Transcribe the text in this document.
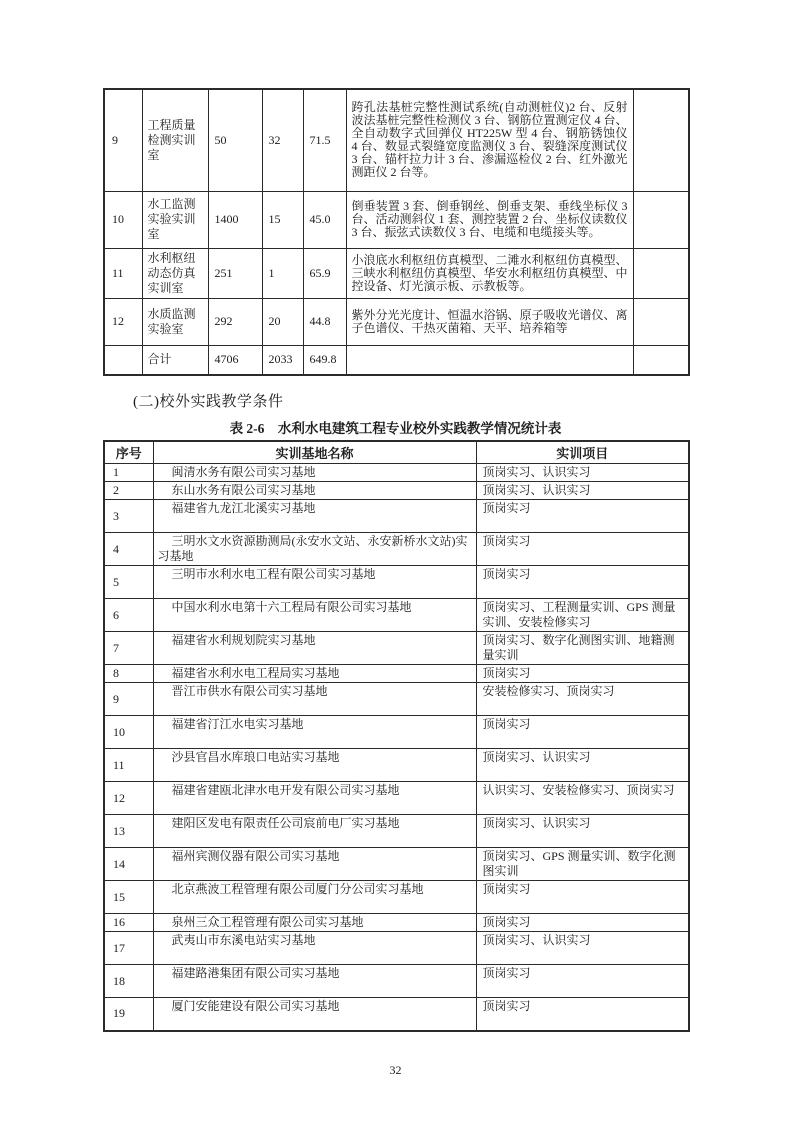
9	工程质量检测实训室	50	32	71.5	跨孔法基桩完整性测试系统(自动测桩仪)2 台、反射波法基桩完整性检测仪 3 台、钢筋位置测定仪 4 台、全自动数字式回弹仪 HT225W 型 4 台、钢筋锈蚀仪 4 台、数显式裂缝宽度监测仪 3 台、裂缝深度测试仪 3 台、锚杆拉力计 3 台、渗漏巡检仪 2 台、红外激光测距仪 2 台等。	
10	水工监测实验实训室	1400	15	45.0	倒垂装置 3 套、倒垂钢丝、倒垂支架、垂线坐标仪 3 台、活动测斜仪 1 套、测控装置 2 台、坐标仪读数仪 3 台、振弦式读数仪 3 台、电缆和电缆接头等。	
11	水利枢纽动态仿真实训室	251	1	65.9	小浪底水利枢纽仿真模型、二滩水利枢纽仿真模型、三峡水利枢纽仿真模型、华安水利枢纽仿真模型、中控设备、灯光演示板、示教板等。	
12	水质监测实验室	292	20	44.8	紫外分光光度计、恒温水浴锅、原子吸收光谱仪、离子色谱仪、干热灭菌箱、天平、培养箱等	
	合计	4706	2033	649.8		
(二)校外实践教学条件
表 2-6　水利水电建筑工程专业校外实践教学情况统计表
序号	实训基地名称	实训项目
1	闽清水务有限公司实习基地	顶岗实习、认识实习
2	东山水务有限公司实习基地	顶岗实习、认识实习
3	福建省九龙江北溪实习基地	顶岗实习
4	三明水文水资源勘测局(永安水文站、永安新桥水文站)实习基地	顶岗实习
5	三明市水利水电工程有限公司实习基地	顶岗实习
6	中国水利水电第十六工程局有限公司实习基地	顶岗实习、工程测量实训、GPS 测量实训、安装检修实习
7	福建省水利规划院实习基地	顶岗实习、数字化测图实训、地籍测量实训
8	福建省水利水电工程局实习基地	顶岗实习
9	晋江市供水有限公司实习基地	安装检修实习、顶岗实习
10	福建省汀江水电实习基地	顶岗实习
11	沙县官昌水库琅口电站实习基地	顶岗实习、认识实习
12	福建省建瓯北津水电开发有限公司实习基地	认识实习、安装检修实习、顶岗实习
13	建阳区发电有限责任公司宸前电厂实习基地	顶岗实习、认识实习
14	福州宾测仪器有限公司实习基地	顶岗实习、GPS 测量实训、数字化测图实训
15	北京燕波工程管理有限公司厦门分公司实习基地	顶岗实习
16	泉州三众工程管理有限公司实习基地	顶岗实习
17	武夷山市东溪电站实习基地	顶岗实习、认识实习
18	福建路港集团有限公司实习基地	顶岗实习
19	厦门安能建设有限公司实习基地	顶岗实习
32
